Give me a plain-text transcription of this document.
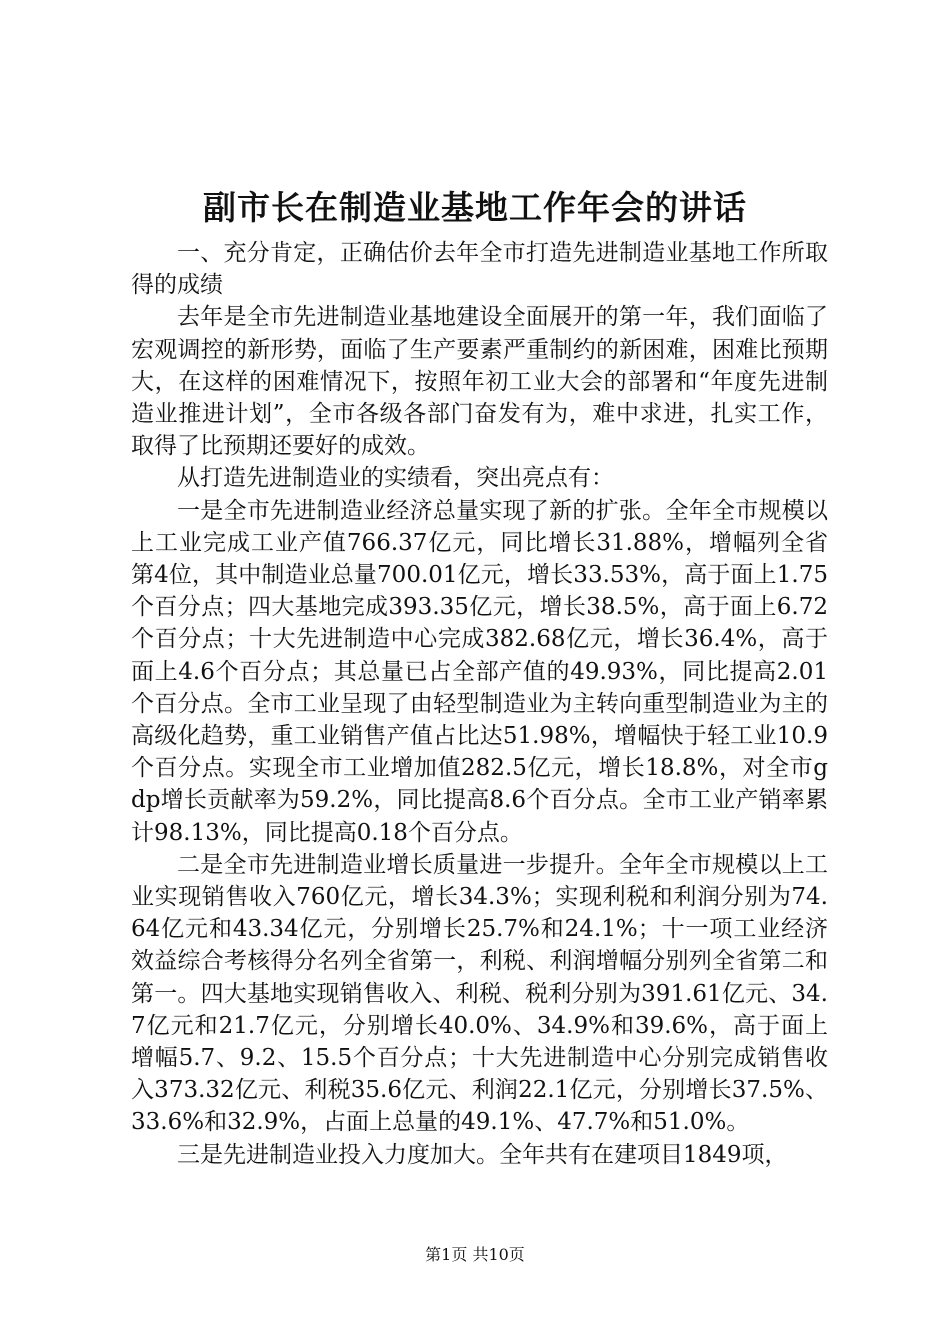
副市长在制造业基地工作年会的讲话

一、充分肯定，正确估价去年全市打造先进制造业基地工作所取得的成绩

去年是全市先进制造业基地建设全面展开的第一年，我们面临了宏观调控的新形势，面临了生产要素严重制约的新困难，困难比预期大，在这样的困难情况下，按照年初工业大会的部署和“年度先进制造业推进计划”，全市各级各部门奋发有为，难中求进，扎实工作，取得了比预期还要好的成效。

从打造先进制造业的实绩看，突出亮点有：

一是全市先进制造业经济总量实现了新的扩张。全年全市规模以上工业完成工业产值766.37亿元，同比增长31.88%，增幅列全省第4位，其中制造业总量700.01亿元，增长33.53%，高于面上1.75个百分点；四大基地完成393.35亿元，增长38.5%，高于面上6.72个百分点；十大先进制造中心完成382.68亿元，增长36.4%，高于面上4.6个百分点；其总量已占全部产值的49.93%，同比提高2.01个百分点。全市工业呈现了由轻型制造业为主转向重型制造业为主的高级化趋势，重工业销售产值占比达51.98%，增幅快于轻工业10.9个百分点。实现全市工业增加值282.5亿元，增长18.8%，对全市gdp增长贡献率为59.2%，同比提高8.6个百分点。全市工业产销率累计98.13%，同比提高0.18个百分点。

二是全市先进制造业增长质量进一步提升。全年全市规模以上工业实现销售收入760亿元，增长34.3%；实现利税和利润分别为74.64亿元和43.34亿元，分别增长25.7%和24.1%；十一项工业经济效益综合考核得分名列全省第一，利税、利润增幅分别列全省第二和第一。四大基地实现销售收入、利税、税利分别为391.61亿元、34.7亿元和21.7亿元，分别增长40.0%、34.9%和39.6%，高于面上增幅5.7、9.2、15.5个百分点；十大先进制造中心分别完成销售收入373.32亿元、利税35.6亿元、利润22.1亿元，分别增长37.5%、33.6%和32.9%，占面上总量的49.1%、47.7%和51.0%。

三是先进制造业投入力度加大。全年共有在建项目1849项，

第1页 共10页
